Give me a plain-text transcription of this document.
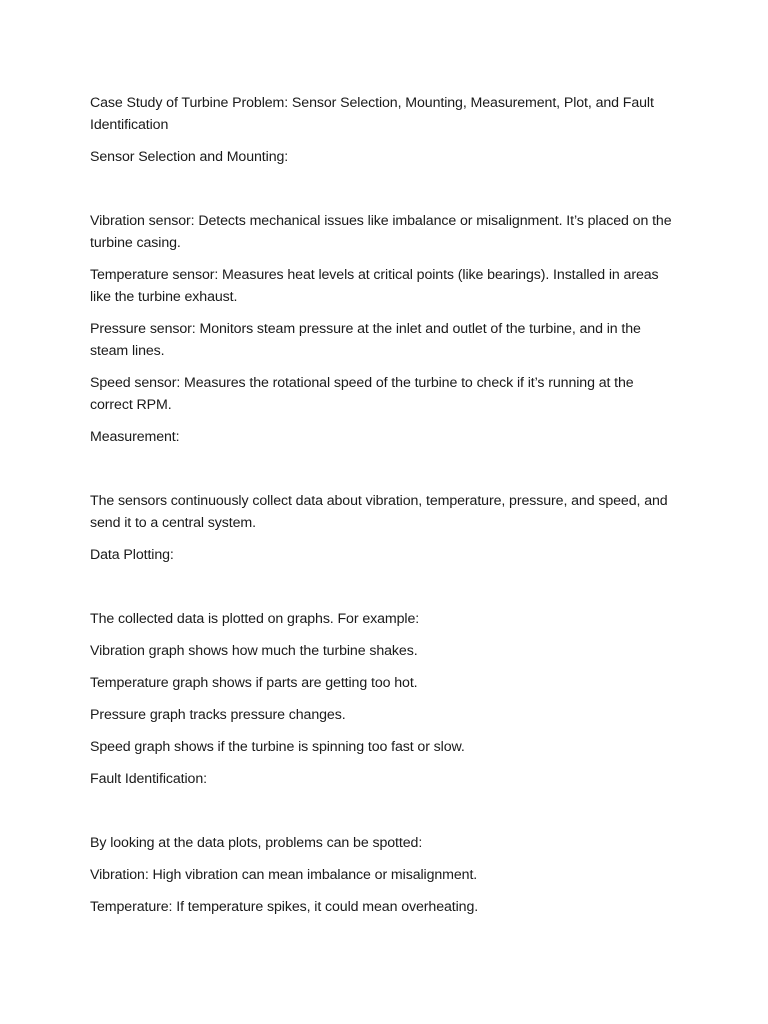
Case Study of Turbine Problem: Sensor Selection, Mounting, Measurement, Plot, and Fault Identification

Sensor Selection and Mounting:

Vibration sensor: Detects mechanical issues like imbalance or misalignment. It’s placed on the turbine casing.

Temperature sensor: Measures heat levels at critical points (like bearings). Installed in areas like the turbine exhaust.

Pressure sensor: Monitors steam pressure at the inlet and outlet of the turbine, and in the steam lines.

Speed sensor: Measures the rotational speed of the turbine to check if it’s running at the correct RPM.

Measurement:

The sensors continuously collect data about vibration, temperature, pressure, and speed, and send it to a central system.

Data Plotting:

The collected data is plotted on graphs. For example:

Vibration graph shows how much the turbine shakes.

Temperature graph shows if parts are getting too hot.

Pressure graph tracks pressure changes.

Speed graph shows if the turbine is spinning too fast or slow.

Fault Identification:

By looking at the data plots, problems can be spotted:

Vibration: High vibration can mean imbalance or misalignment.

Temperature: If temperature spikes, it could mean overheating.
